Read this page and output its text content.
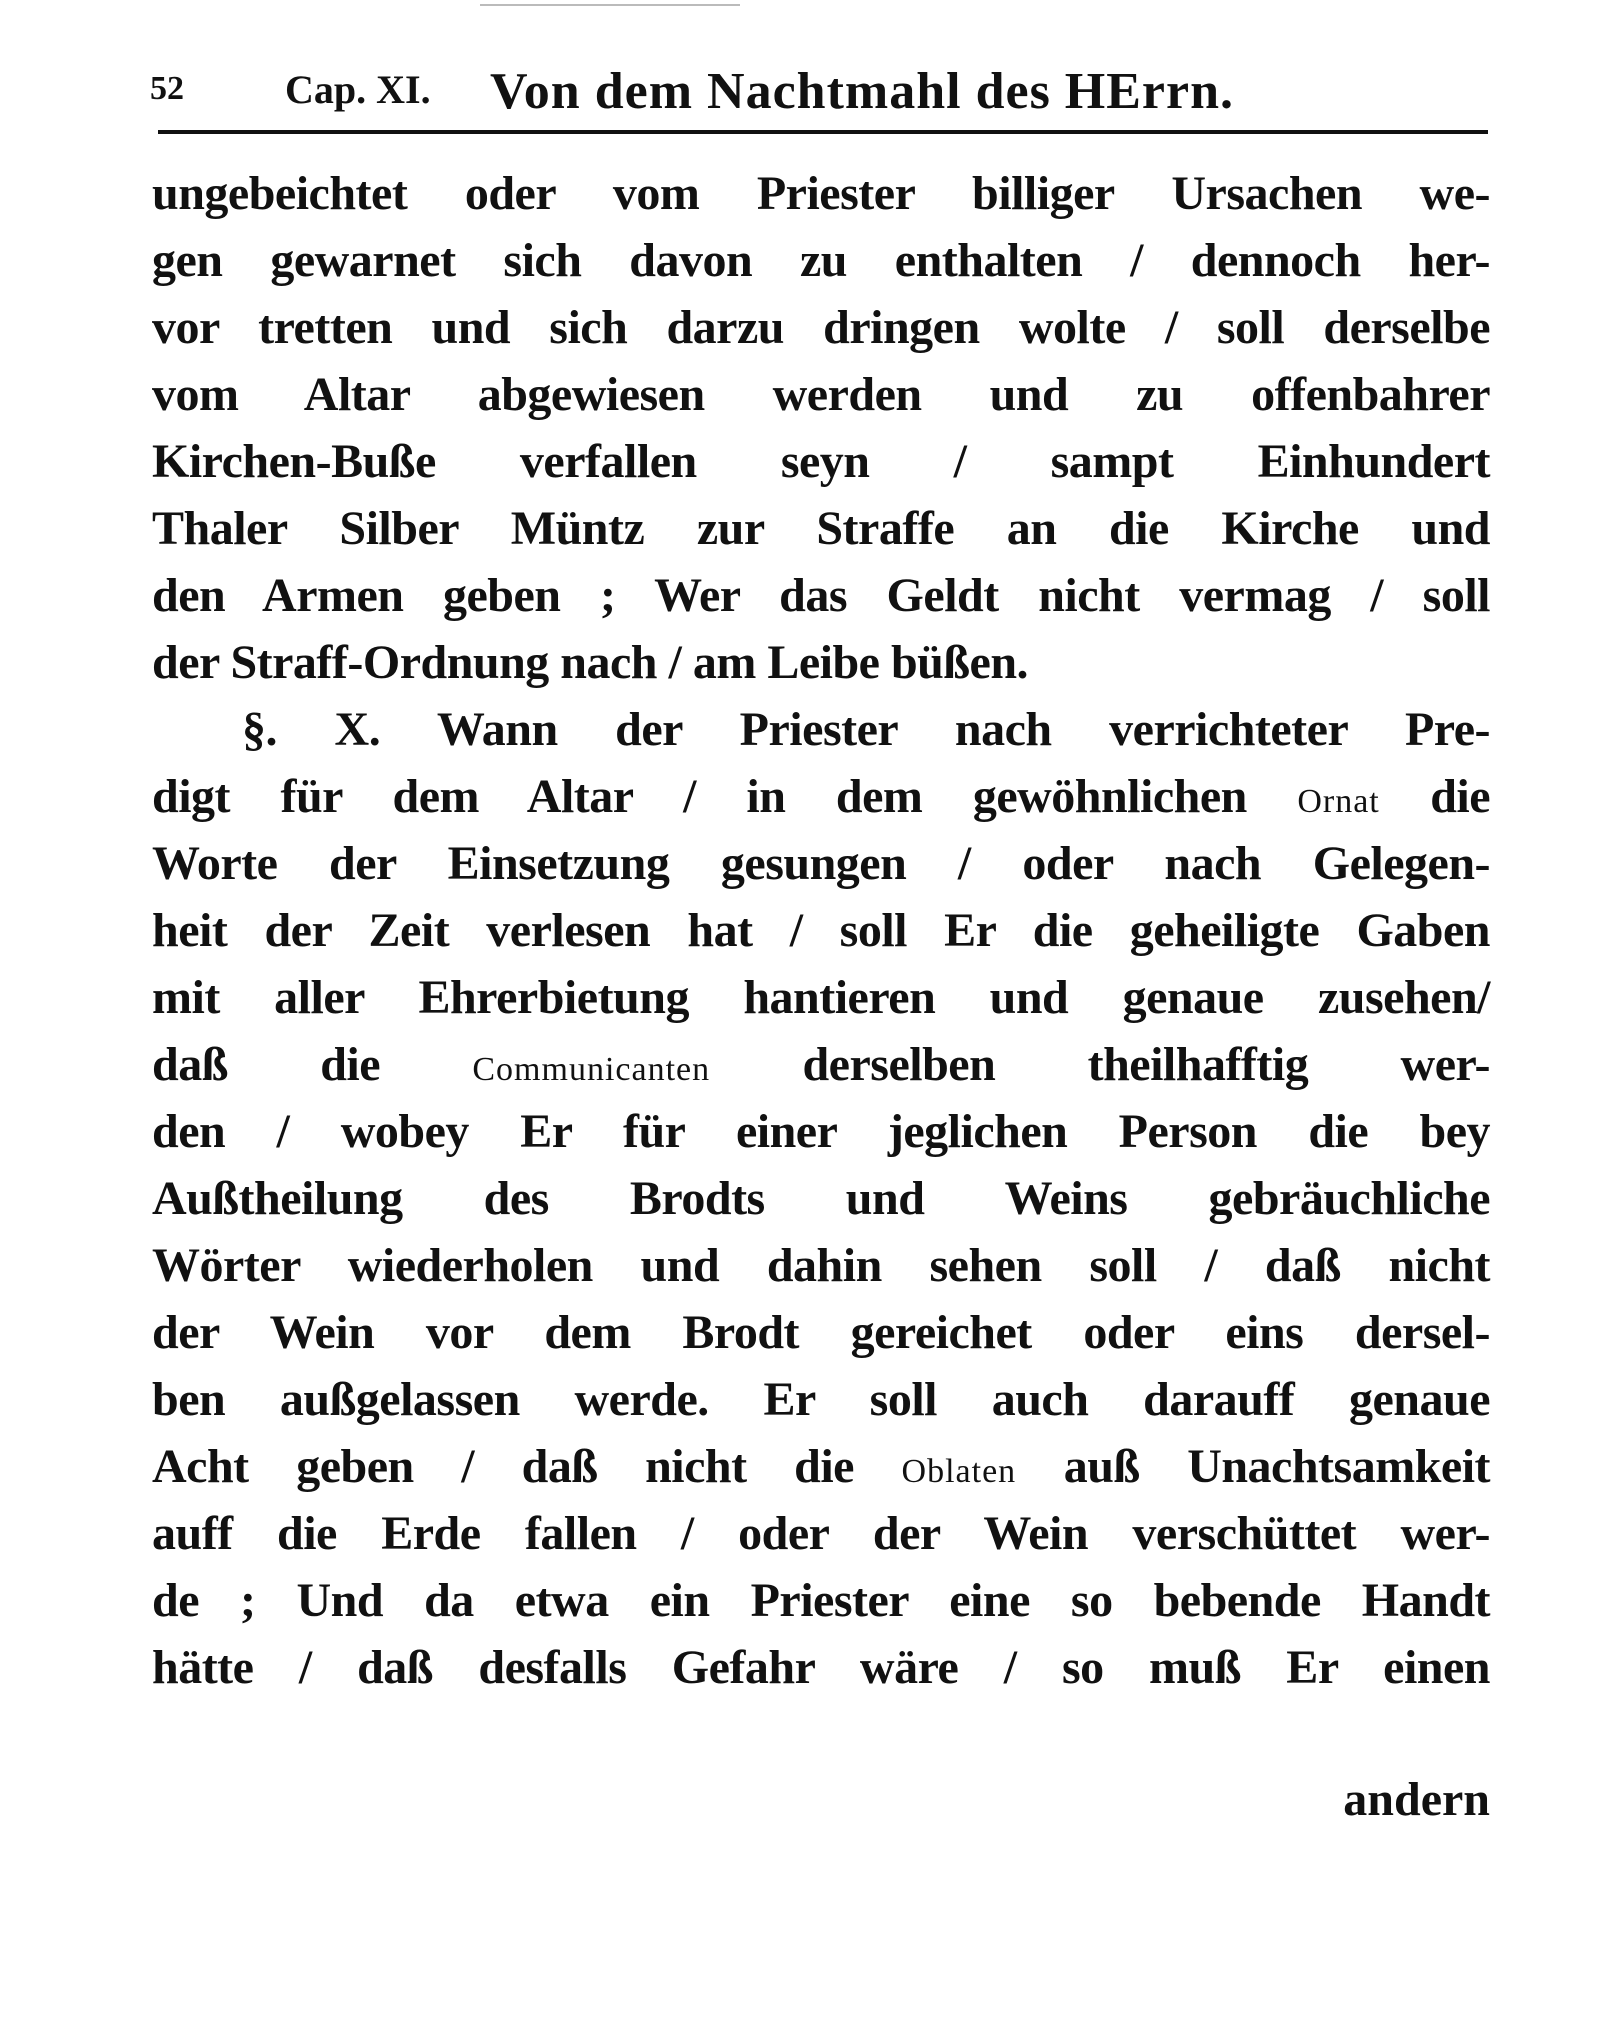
52	Cap. XI. Von dem Nachtmahl des HErrn.
ungebeichtet oder vom Priester billiger Ursachen we-
gen gewarnet sich davon zu enthalten / dennoch her-
vor tretten und sich darzu dringen wolte / soll derselbe
vom Altar abgewiesen werden und zu offenbahrer
Kirchen-Buße verfallen seyn / sampt Einhundert
Thaler Silber Müntz zur Straffe an die Kirche und
den Armen geben ; Wer das Geldt nicht vermag / soll
der Straff-Ordnung nach / am Leibe büßen.
§. X. Wann der Priester nach verrichteter Pre-
digt für dem Altar / in dem gewöhnlichen Ornat die
Worte der Einsetzung gesungen / oder nach Gelegen-
heit der Zeit verlesen hat / soll Er die geheiligte Gaben
mit aller Ehrerbietung hantieren und genaue zusehen/
daß die	Communicanten derselben theilhafftig wer-
den / wobey Er für einer jeglichen Person die bey
Außtheilung des Brodts und Weins gebräuchliche
Wörter wiederholen und dahin sehen soll / daß nicht
der Wein vor dem Brodt gereichet oder eins dersel-
ben außgelassen werde. Er soll auch darauff genaue
Acht geben / daß nicht die Oblaten auß Unachtsamkeit
auff die Erde fallen / oder der Wein verschüttet wer-
de ; Und da etwa ein Priester eine so bebende Handt
hätte / daß desfalls Gefahr wäre / so muß Er einen
andern
